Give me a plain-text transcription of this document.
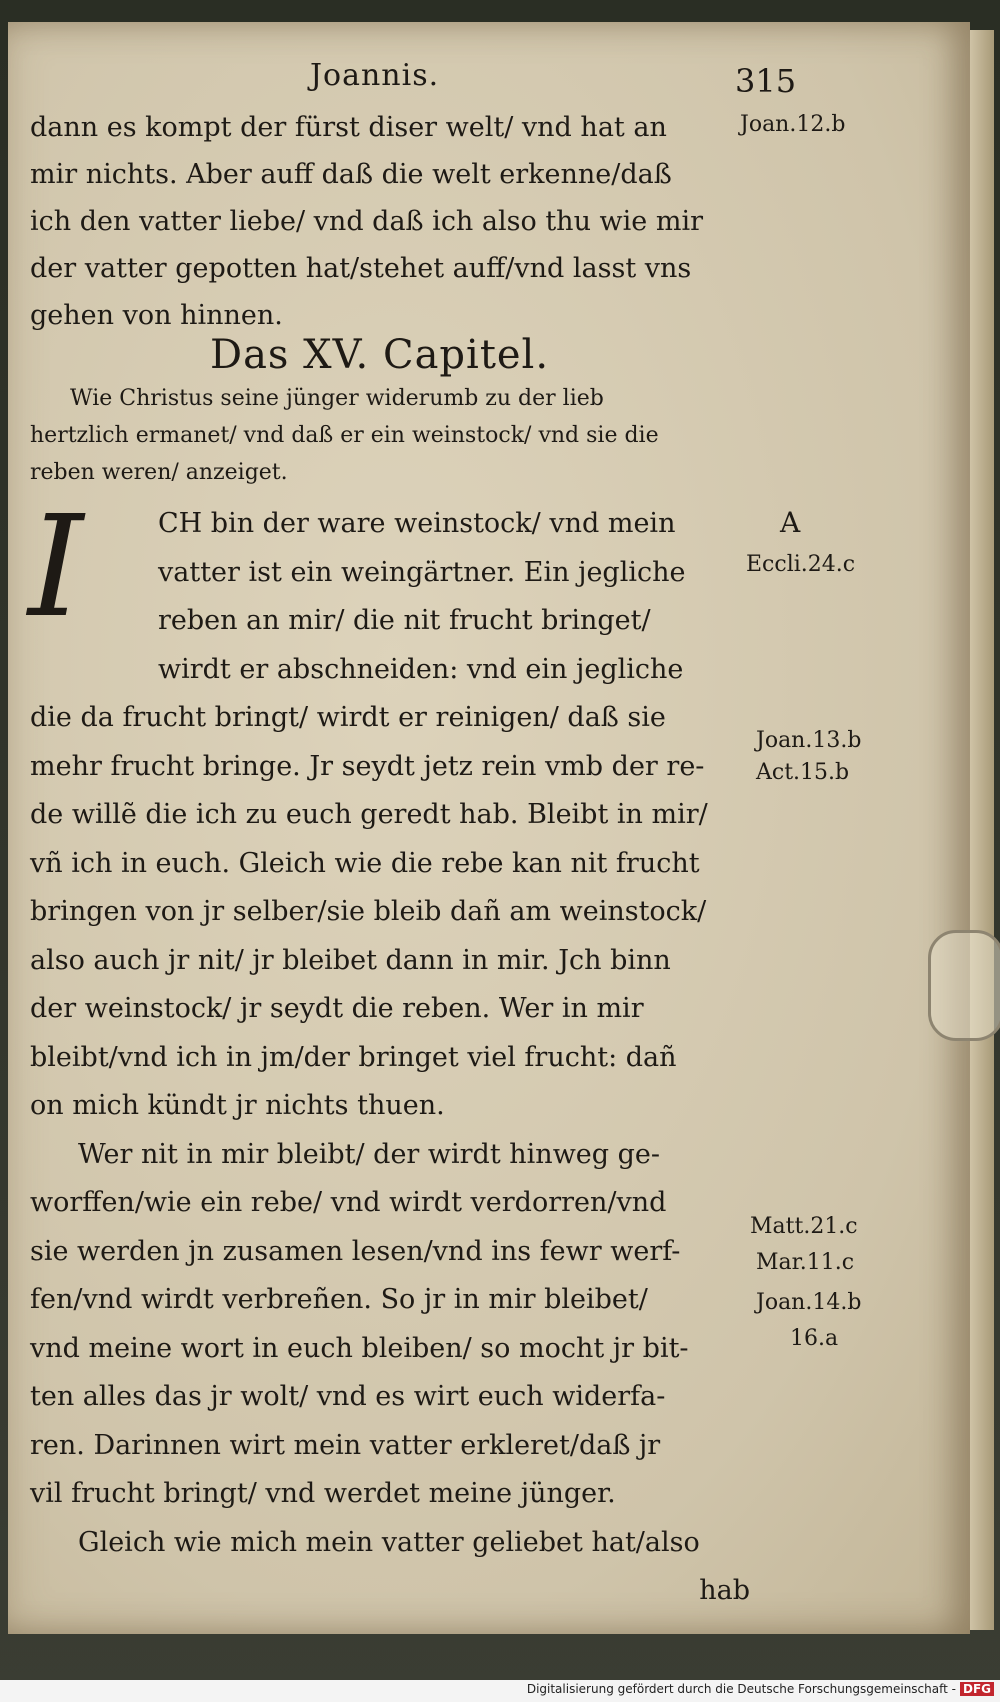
Joannis.	315
dann es kompt der fürst diser welt/ vnd hat an
mir nichts. Aber auff daß die welt erkenne/daß
ich den vatter liebe/ vnd daß ich also thu wie mir
der vatter gepotten hat/stehet auff/vnd lasst vns
gehen von hinnen.
Das XV. Capitel.
Wie Christus seine jünger widerumb zu der lieb
hertzlich ermanet/ vnd daß er ein weinstock/ vnd sie die
reben weren/ anzeiget.
I	CH bin der ware weinstock/ vnd mein
vatter ist ein weingärtner. Ein jegliche
reben an mir/ die nit frucht bringet/
wirdt er abschneiden: vnd ein jegliche
die da frucht bringt/ wirdt er reinigen/ daß sie
mehr frucht bringe. Jr seydt jetz rein vmb der re-
de willẽ die ich zu euch geredt hab. Bleibt in mir/
vñ ich in euch. Gleich wie die rebe kan nit frucht
bringen von jr selber/sie bleib dañ am weinstock/
also auch jr nit/ jr bleibet dann in mir. Jch binn
der weinstock/ jr seydt die reben. Wer in mir
bleibt/vnd ich in jm/der bringet viel frucht: dañ
on mich kündt jr nichts thuen.
Wer nit in mir bleibt/ der wirdt hinweg ge-
worffen/wie ein rebe/ vnd wirdt verdorren/vnd
sie werden jn zusamen lesen/vnd ins fewr werf-
fen/vnd wirdt verbreñen. So jr in mir bleibet/
vnd meine wort in euch bleiben/ so mocht jr bit-
ten alles das jr wolt/ vnd es wirt euch widerfa-
ren. Darinnen wirt mein vatter erkleret/daß jr
vil frucht bringt/ vnd werdet meine jünger.
Gleich wie mich mein vatter geliebet hat/also
hab
Joan.12.b
A
Eccli.24.c
Joan.13.b
Act.15.b
Matt.21.c
Mar.11.c
Joan.14.b
16.a
Digitalisierung gefördert durch die Deutsche Forschungsgemeinschaft - DFG
